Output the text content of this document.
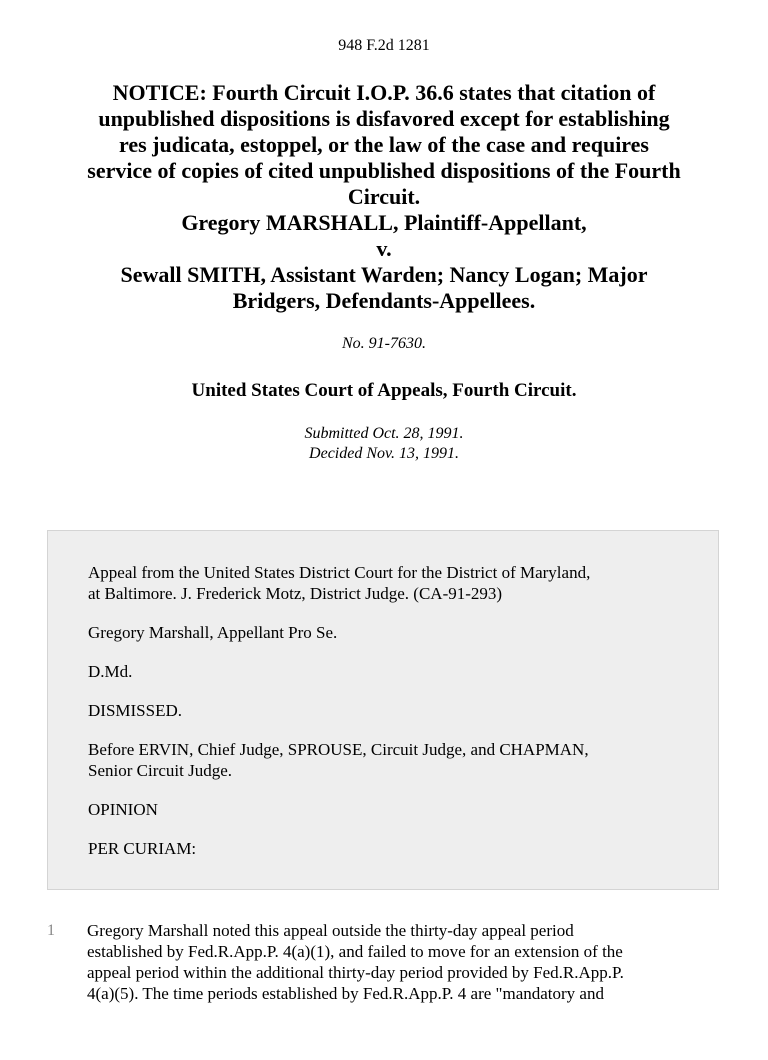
948 F.2d 1281
NOTICE: Fourth Circuit I.O.P. 36.6 states that citation of
unpublished dispositions is disfavored except for establishing
res judicata, estoppel, or the law of the case and requires
service of copies of cited unpublished dispositions of the Fourth
Circuit.
Gregory MARSHALL, Plaintiff-Appellant,
v.
Sewall SMITH, Assistant Warden; Nancy Logan; Major
Bridgers, Defendants-Appellees.
No. 91-7630.
United States Court of Appeals, Fourth Circuit.
Submitted Oct. 28, 1991.
Decided Nov. 13, 1991.

Appeal from the United States District Court for the District of Maryland,
at Baltimore. J. Frederick Motz, District Judge. (CA-91-293)

Gregory Marshall, Appellant Pro Se.

D.Md.

DISMISSED.

Before ERVIN, Chief Judge, SPROUSE, Circuit Judge, and CHAPMAN,
Senior Circuit Judge.

OPINION

PER CURIAM:

1	Gregory Marshall noted this appeal outside the thirty-day appeal period
established by Fed.R.App.P. 4(a)(1), and failed to move for an extension of the
appeal period within the additional thirty-day period provided by Fed.R.App.P.
4(a)(5). The time periods established by Fed.R.App.P. 4 are "mandatory and
